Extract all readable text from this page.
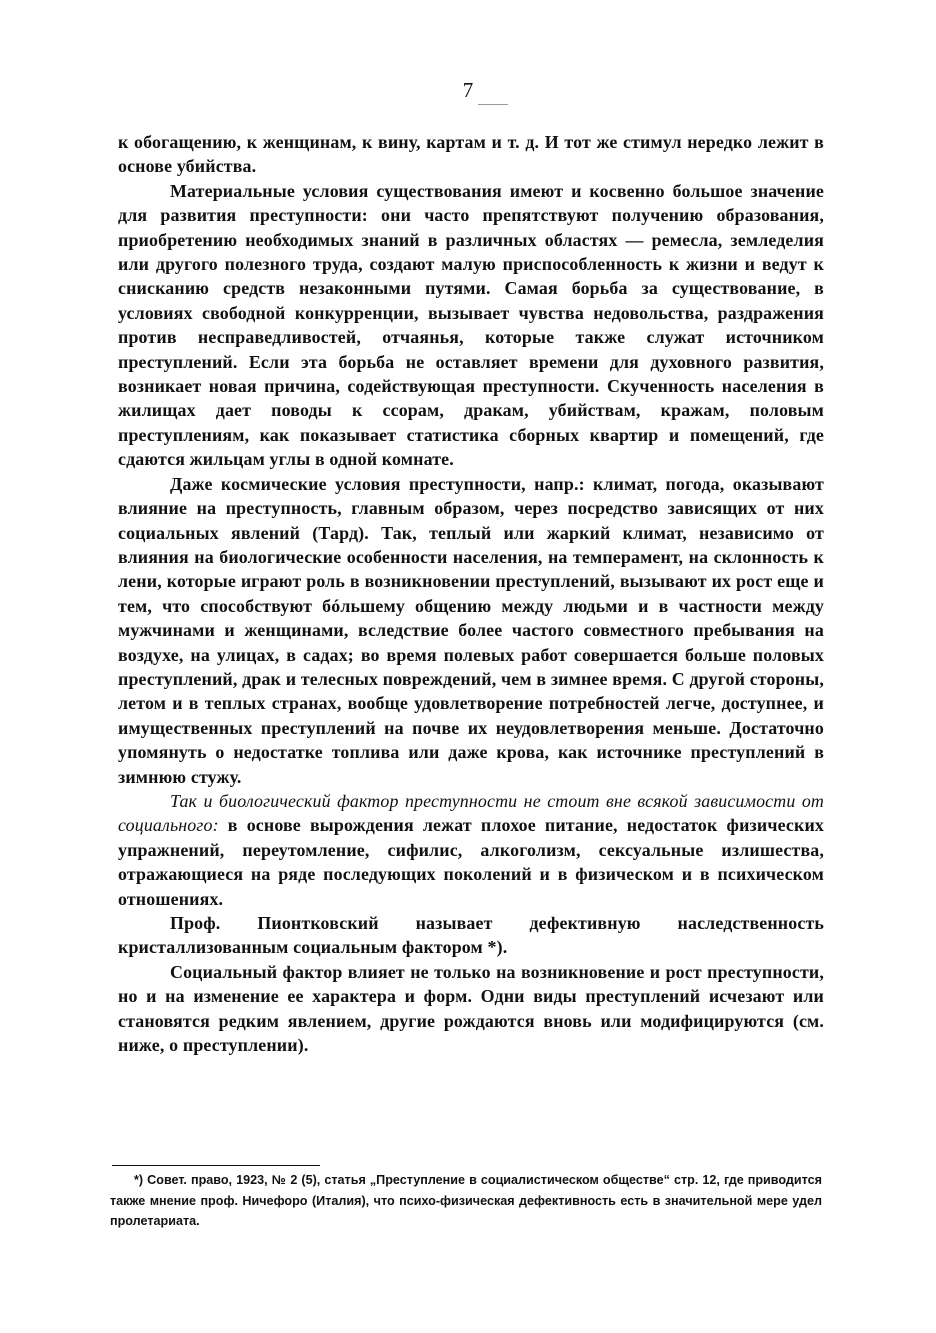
7

к обогащению, к женщинам, к вину, картам и т. д. И тот же стимул нередко лежит в основе убийства.

Материальные условия существования имеют и косвенно большое значение для развития преступности: они часто препятствуют получению образования, приобретению необходимых знаний в различных областях — ремесла, земледелия или другого полезного труда, создают малую приспособленность к жизни и ведут к снисканию средств незаконными путями. Самая борьба за существование, в условиях свободной конкурренции, вызывает чувства недовольства, раздражения против несправедливостей, отчаянья, которые также служат источником преступлений. Если эта борьба не оставляет времени для духовного развития, возникает новая причина, содействующая преступности. Скученность населения в жилищах дает поводы к ссорам, дракам, убийствам, кражам, половым преступлениям, как показывает статистика сборных квартир и помещений, где сдаются жильцам углы в одной комнате.

Даже космические условия преступности, напр.: климат, погода, оказывают влияние на преступность, главным образом, через посредство зависящих от них социальных явлений (Тард). Так, теплый или жаркий климат, независимо от влияния на биологические особенности населения, на темперамент, на склонность к лени, которые играют роль в возникновении преступлений, вызывают их рост еще и тем, что способствуют бóльшему общению между людьми и в частности между мужчинами и женщинами, вследствие более частого совместного пребывания на воздухе, на улицах, в садах; во время полевых работ совершается больше половых преступлений, драк и телесных повреждений, чем в зимнее время. С другой стороны, летом и в теплых странах, вообще удовлетворение потребностей легче, доступнее, и имущественных преступлений на почве их неудовлетворения меньше. Достаточно упомянуть о недостатке топлива или даже крова, как источнике преступлений в зимнюю стужу.

Так и биологический фактор преступности не стоит вне всякой зависимости от социального: в основе вырождения лежат плохое питание, недостаток физических упражнений, переутомление, сифилис, алкоголизм, сексуальные излишества, отражающиеся на ряде последующих поколений и в физическом и в психическом отношениях.

Проф. Пионтковский называет дефективную наследственность кристаллизованным социальным фактором *).

Социальный фактор влияет не только на возникновение и рост преступности, но и на изменение ее характера и форм. Одни виды преступлений исчезают или становятся редким явлением, другие рождаются вновь или модифицируются (см. ниже, о преступлении).

*) Совет. право, 1923, № 2 (5), статья „Преступление в социалистическом обществе“ стр. 12, где приводится также мнение проф. Ничефоро (Италия), что психо-физическая дефективность есть в значительной мере удел пролетариата.
